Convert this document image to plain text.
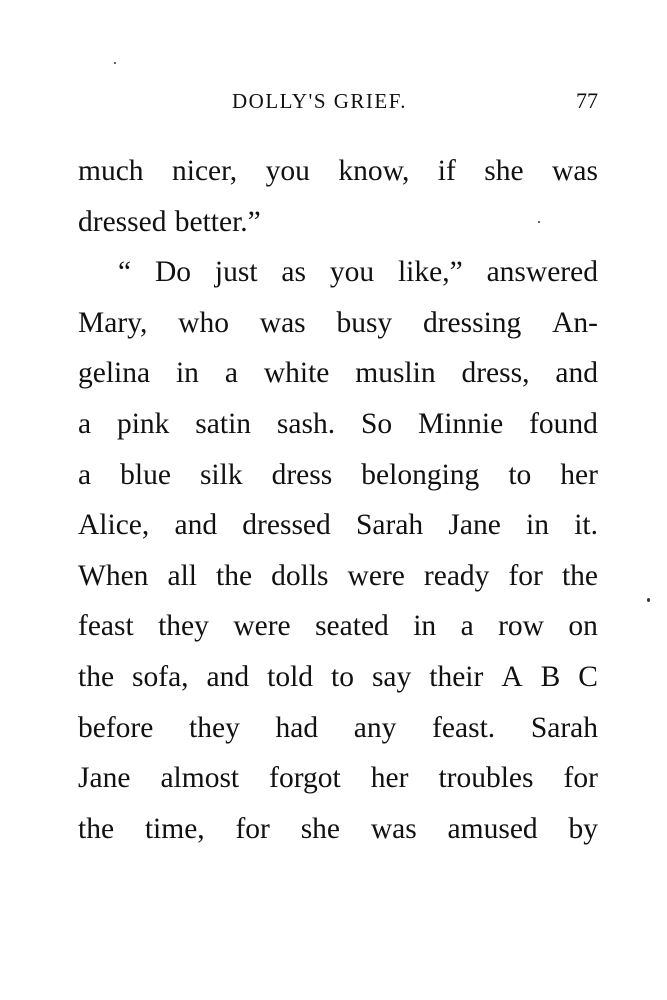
DOLLY'S GRIEF.	77
much nicer, you know, if she was
dressed better.”
“ Do just as you like,” answered
Mary, who was busy dressing An-
gelina in a white muslin dress, and
a pink satin sash. So Minnie found
a blue silk dress belonging to her
Alice, and dressed Sarah Jane in it.
When all the dolls were ready for the
feast they were seated in a row on
the sofa, and told to say their A B C
before they had any feast. Sarah
Jane almost forgot her troubles for
the time, for she was amused by
